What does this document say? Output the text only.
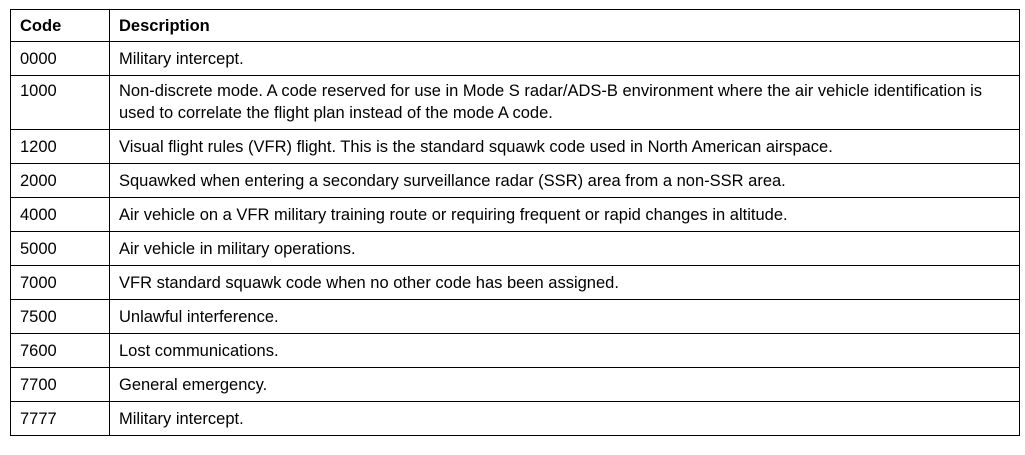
Code	Description
0000	Military intercept.
1000	Non-discrete mode. A code reserved for use in Mode S radar/ADS-B environment where the air vehicle identification is used to correlate the flight plan instead of the mode A code.
1200	Visual flight rules (VFR) flight. This is the standard squawk code used in North American airspace.
2000	Squawked when entering a secondary surveillance radar (SSR) area from a non-SSR area.
4000	Air vehicle on a VFR military training route or requiring frequent or rapid changes in altitude.
5000	Air vehicle in military operations.
7000	VFR standard squawk code when no other code has been assigned.
7500	Unlawful interference.
7600	Lost communications.
7700	General emergency.
7777	Military intercept.
